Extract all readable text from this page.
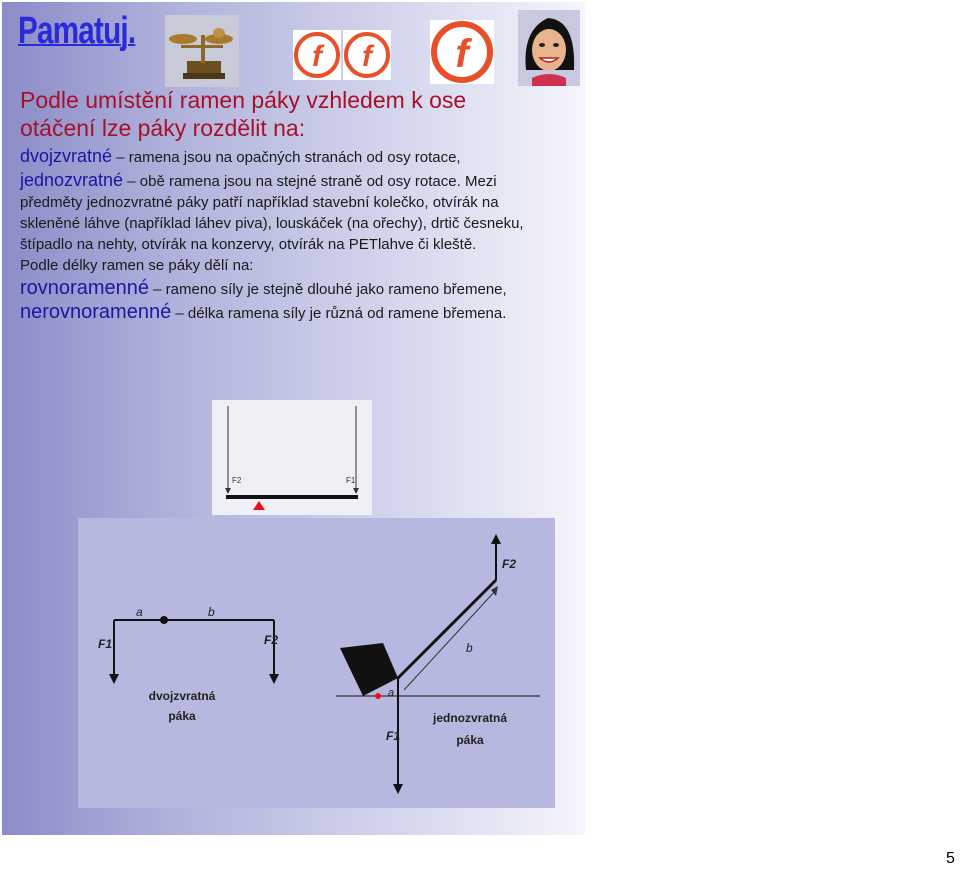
Pamatuj.
f f f

Podle umístění ramen páky vzhledem k ose otáčení lze páky rozdělit na:

dvojzvratné – ramena jsou na opačných stranách od osy rotace,

jednozvratné – obě ramena jsou na stejné straně od osy rotace. Mezi předměty jednozvratné páky patří například stavební kolečko, otvírák na skleněné láhve (například láhev piva), louskáček (na ořechy), drtič česneku, štípadlo na nehty, otvírák na konzervy, otvírák na PETlahve či kleště.

Podle délky ramen se páky dělí na:

rovnoramenné – rameno síly je stejně dlouhé jako rameno břemene,

nerovnoramenné – délka ramena síly je různá od ramene břemena.

F2	F1
a	b
F1	F2
dvojzvratná
páka
a
b
F2
F1
jednozvratná
páka
5
